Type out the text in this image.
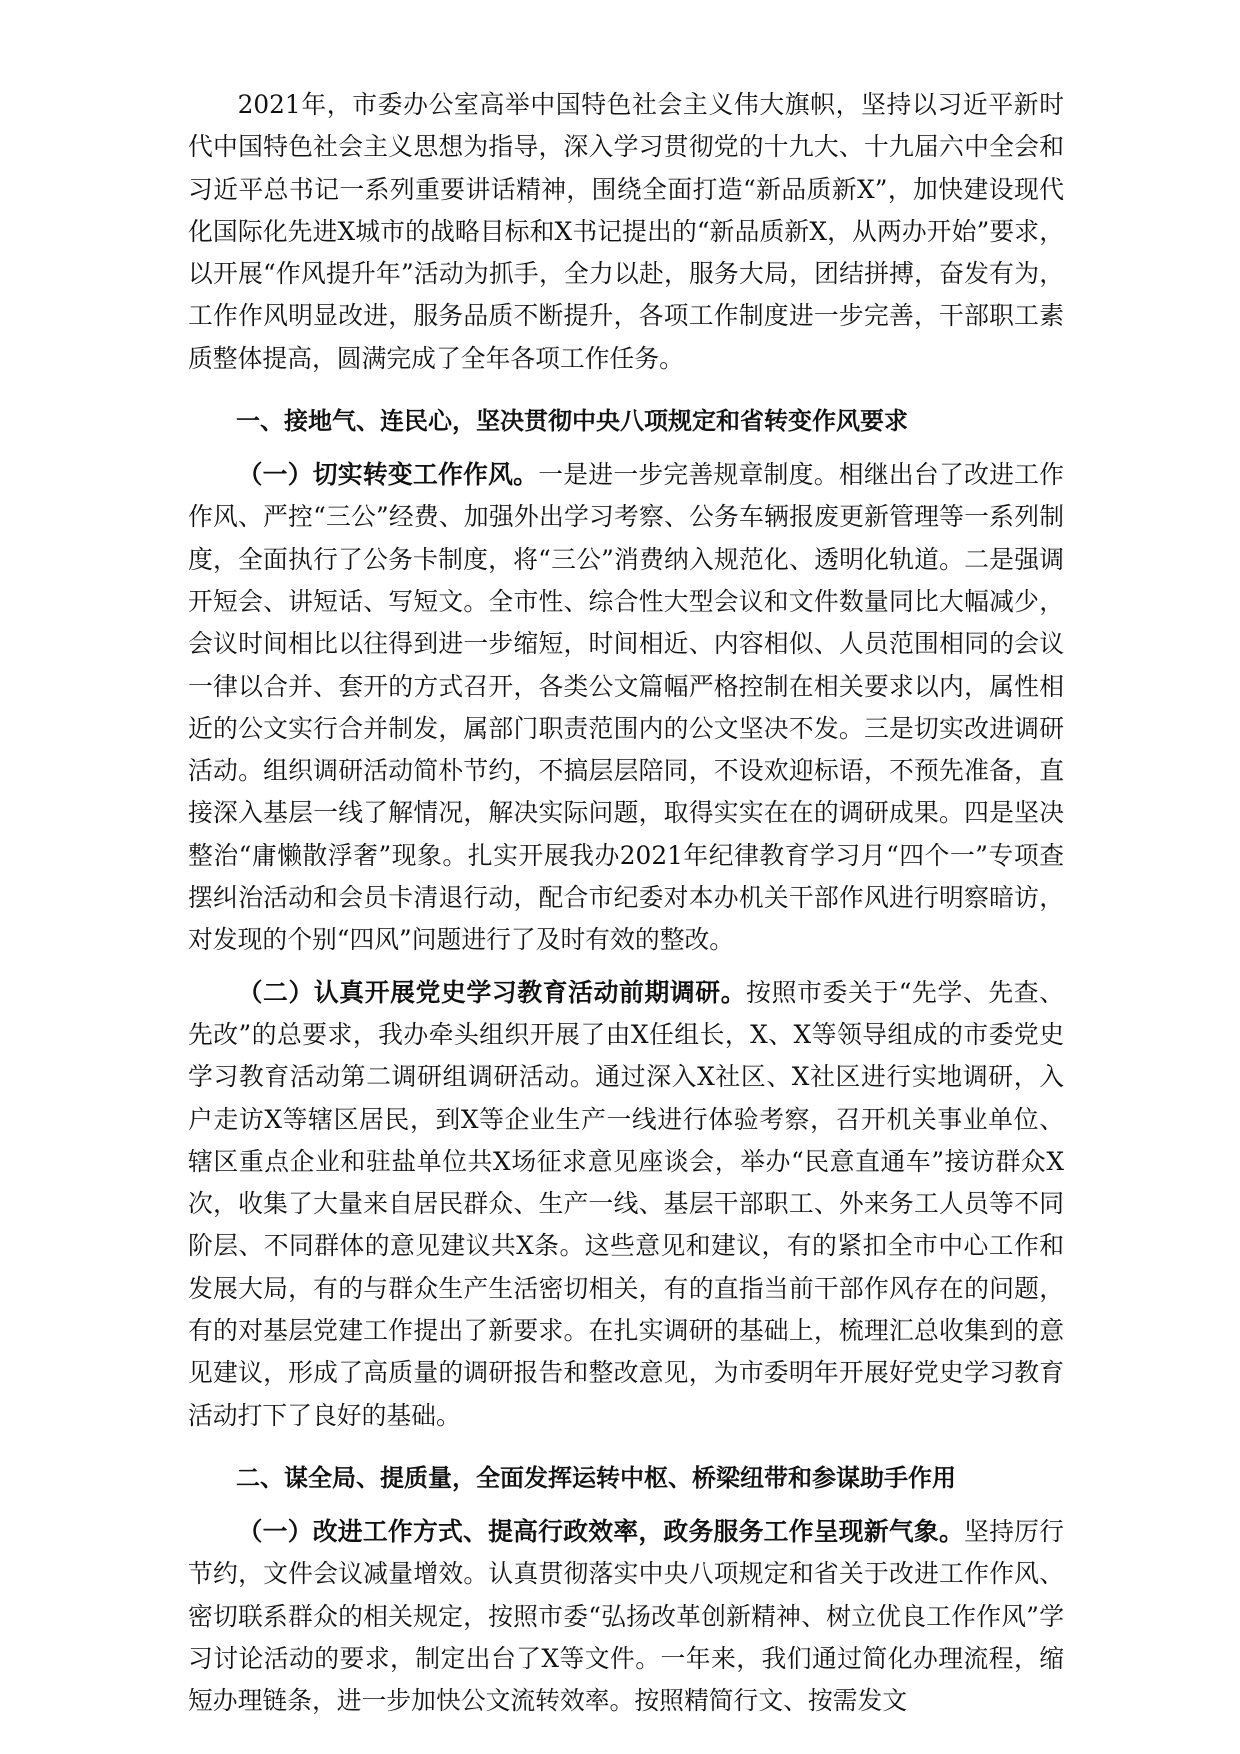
2021年，市委办公室高举中国特色社会主义伟大旗帜，坚持以习近平新时代中国特色社会主义思想为指导，深入学习贯彻党的十九大、十九届六中全会和习近平总书记一系列重要讲话精神，围绕全面打造“新品质新X”，加快建设现代化国际化先进X城市的战略目标和X书记提出的“新品质新X，从两办开始”要求，以开展“作风提升年”活动为抓手，全力以赴，服务大局，团结拼搏，奋发有为，工作作风明显改进，服务品质不断提升，各项工作制度进一步完善，干部职工素质整体提高，圆满完成了全年各项工作任务。

一、接地气、连民心，坚决贯彻中央八项规定和省转变作风要求

（一）切实转变工作作风。一是进一步完善规章制度。相继出台了改进工作作风、严控“三公”经费、加强外出学习考察、公务车辆报废更新管理等一系列制度，全面执行了公务卡制度，将“三公”消费纳入规范化、透明化轨道。二是强调开短会、讲短话、写短文。全市性、综合性大型会议和文件数量同比大幅减少，会议时间相比以往得到进一步缩短，时间相近、内容相似、人员范围相同的会议一律以合并、套开的方式召开，各类公文篇幅严格控制在相关要求以内，属性相近的公文实行合并制发，属部门职责范围内的公文坚决不发。三是切实改进调研活动。组织调研活动简朴节约，不搞层层陪同，不设欢迎标语，不预先准备，直接深入基层一线了解情况，解决实际问题，取得实实在在的调研成果。四是坚决整治“庸懒散浮奢”现象。扎实开展我办2021年纪律教育学习月“四个一”专项查摆纠治活动和会员卡清退行动，配合市纪委对本办机关干部作风进行明察暗访，对发现的个别“四风”问题进行了及时有效的整改。

（二）认真开展党史学习教育活动前期调研。按照市委关于“先学、先查、先改”的总要求，我办牵头组织开展了由X任组长，X、X等领导组成的市委党史学习教育活动第二调研组调研活动。通过深入X社区、X社区进行实地调研，入户走访X等辖区居民，到X等企业生产一线进行体验考察，召开机关事业单位、辖区重点企业和驻盐单位共X场征求意见座谈会，举办“民意直通车”接访群众X次，收集了大量来自居民群众、生产一线、基层干部职工、外来务工人员等不同阶层、不同群体的意见建议共X条。这些意见和建议，有的紧扣全市中心工作和发展大局，有的与群众生产生活密切相关，有的直指当前干部作风存在的问题，有的对基层党建工作提出了新要求。在扎实调研的基础上，梳理汇总收集到的意见建议，形成了高质量的调研报告和整改意见，为市委明年开展好党史学习教育活动打下了良好的基础。

二、谋全局、提质量，全面发挥运转中枢、桥梁纽带和参谋助手作用

（一）改进工作方式、提高行政效率，政务服务工作呈现新气象。坚持厉行节约，文件会议减量增效。认真贯彻落实中央八项规定和省关于改进工作作风、密切联系群众的相关规定，按照市委“弘扬改革创新精神、树立优良工作作风”学习讨论活动的要求，制定出台了X等文件。一年来，我们通过简化办理流程，缩短办理链条，进一步加快公文流转效率。按照精简行文、按需发文
